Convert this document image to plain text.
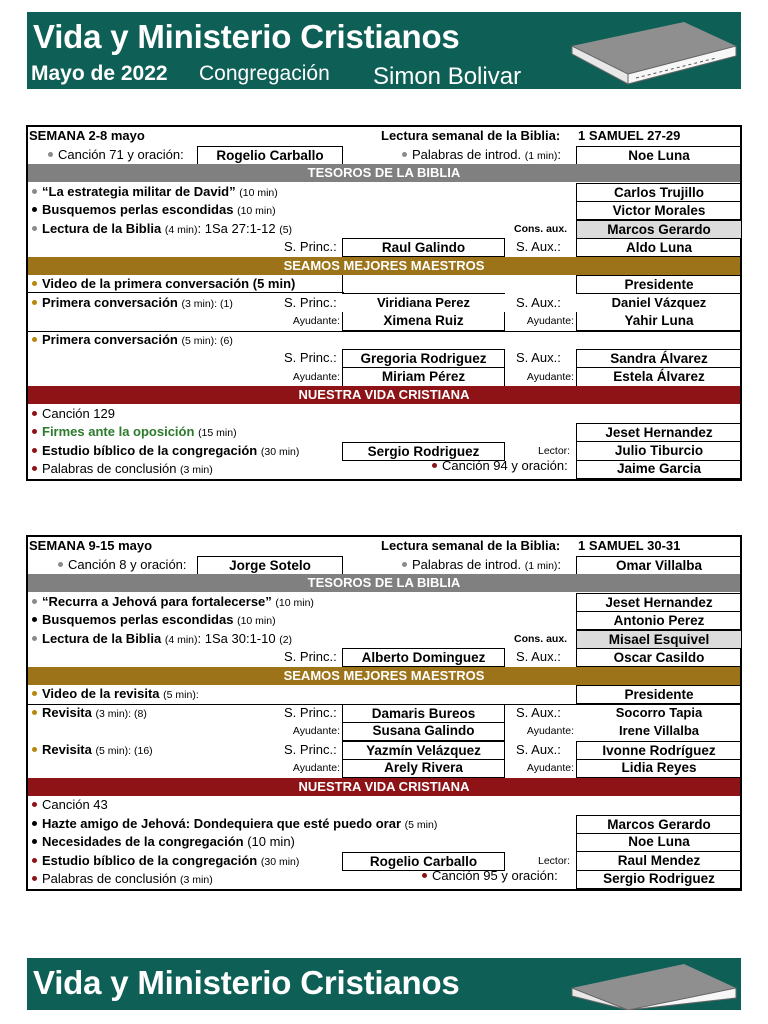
Vida y Ministerio Cristianos
Mayo de 2022 Congregación Simon Bolivar
SEMANA 2-8 mayo	Lectura semanal de la Biblia: 1 SAMUEL 27-29
Canción 71 y oración:	Rogelio Carballo	Palabras de introd. (1 min):	Noe Luna
TESOROS DE LA BIBLIA
“La estrategia militar de David” (10 min)	Carlos Trujillo
Busquemos perlas escondidas (10 min)	Victor Morales
Lectura de la Biblia (4 min): 1Sa 27:1-12 (5)	Cons. aux.	Marcos Gerardo
S. Princ.:	Raul Galindo	S. Aux.:	Aldo Luna
SEAMOS MEJORES MAESTROS
Video de la primera conversación (5 min)	Presidente
Primera conversación (3 min): (1)	S. Princ.:	Viridiana Perez	S. Aux.:	Daniel Vázquez
Ayudante:	Ximena Ruiz	Ayudante:	Yahir Luna
Primera conversación (5 min): (6)
S. Princ.:	Gregoria Rodriguez	S. Aux.:	Sandra Álvarez
Ayudante:	Miriam Pérez	Ayudante:	Estela Álvarez
NUESTRA VIDA CRISTIANA
Canción 129
Firmes ante la oposición (15 min)	Jeset Hernandez
Estudio bíblico de la congregación (30 min)	Sergio Rodriguez	Lector:	Julio Tiburcio
Palabras de conclusión (3 min)	Canción 94 y oración:	Jaime Garcia
SEMANA 9-15 mayo	Lectura semanal de la Biblia: 1 SAMUEL 30-31
Canción 8 y oración:	Jorge Sotelo	Palabras de introd. (1 min):	Omar Villalba
TESOROS DE LA BIBLIA
“Recurra a Jehová para fortalecerse” (10 min)	Jeset Hernandez
Busquemos perlas escondidas (10 min)	Antonio Perez
Lectura de la Biblia (4 min): 1Sa 30:1-10 (2)	Cons. aux.	Misael Esquivel
S. Princ.:	Alberto Dominguez	S. Aux.:	Oscar Casildo
SEAMOS MEJORES MAESTROS
Video de la revisita (5 min):	Presidente
Revisita (3 min): (8)	S. Princ.:	Damaris Bureos	S. Aux.:	Socorro Tapia
Ayudante:	Susana Galindo	Ayudante:	Irene Villalba
Revisita (5 min): (16)	S. Princ.:	Yazmín Velázquez	S. Aux.:	Ivonne Rodríguez
Ayudante:	Arely Rivera	Ayudante:	Lidia Reyes
NUESTRA VIDA CRISTIANA
Canción 43
Hazte amigo de Jehová: Dondequiera que esté puedo orar (5 min)	Marcos Gerardo
Necesidades de la congregación (10 min)	Noe Luna
Estudio bíblico de la congregación (30 min)	Rogelio Carballo	Lector:	Raul Mendez
Palabras de conclusión (3 min)	Canción 95 y oración:	Sergio Rodriguez
Vida y Ministerio Cristianos
